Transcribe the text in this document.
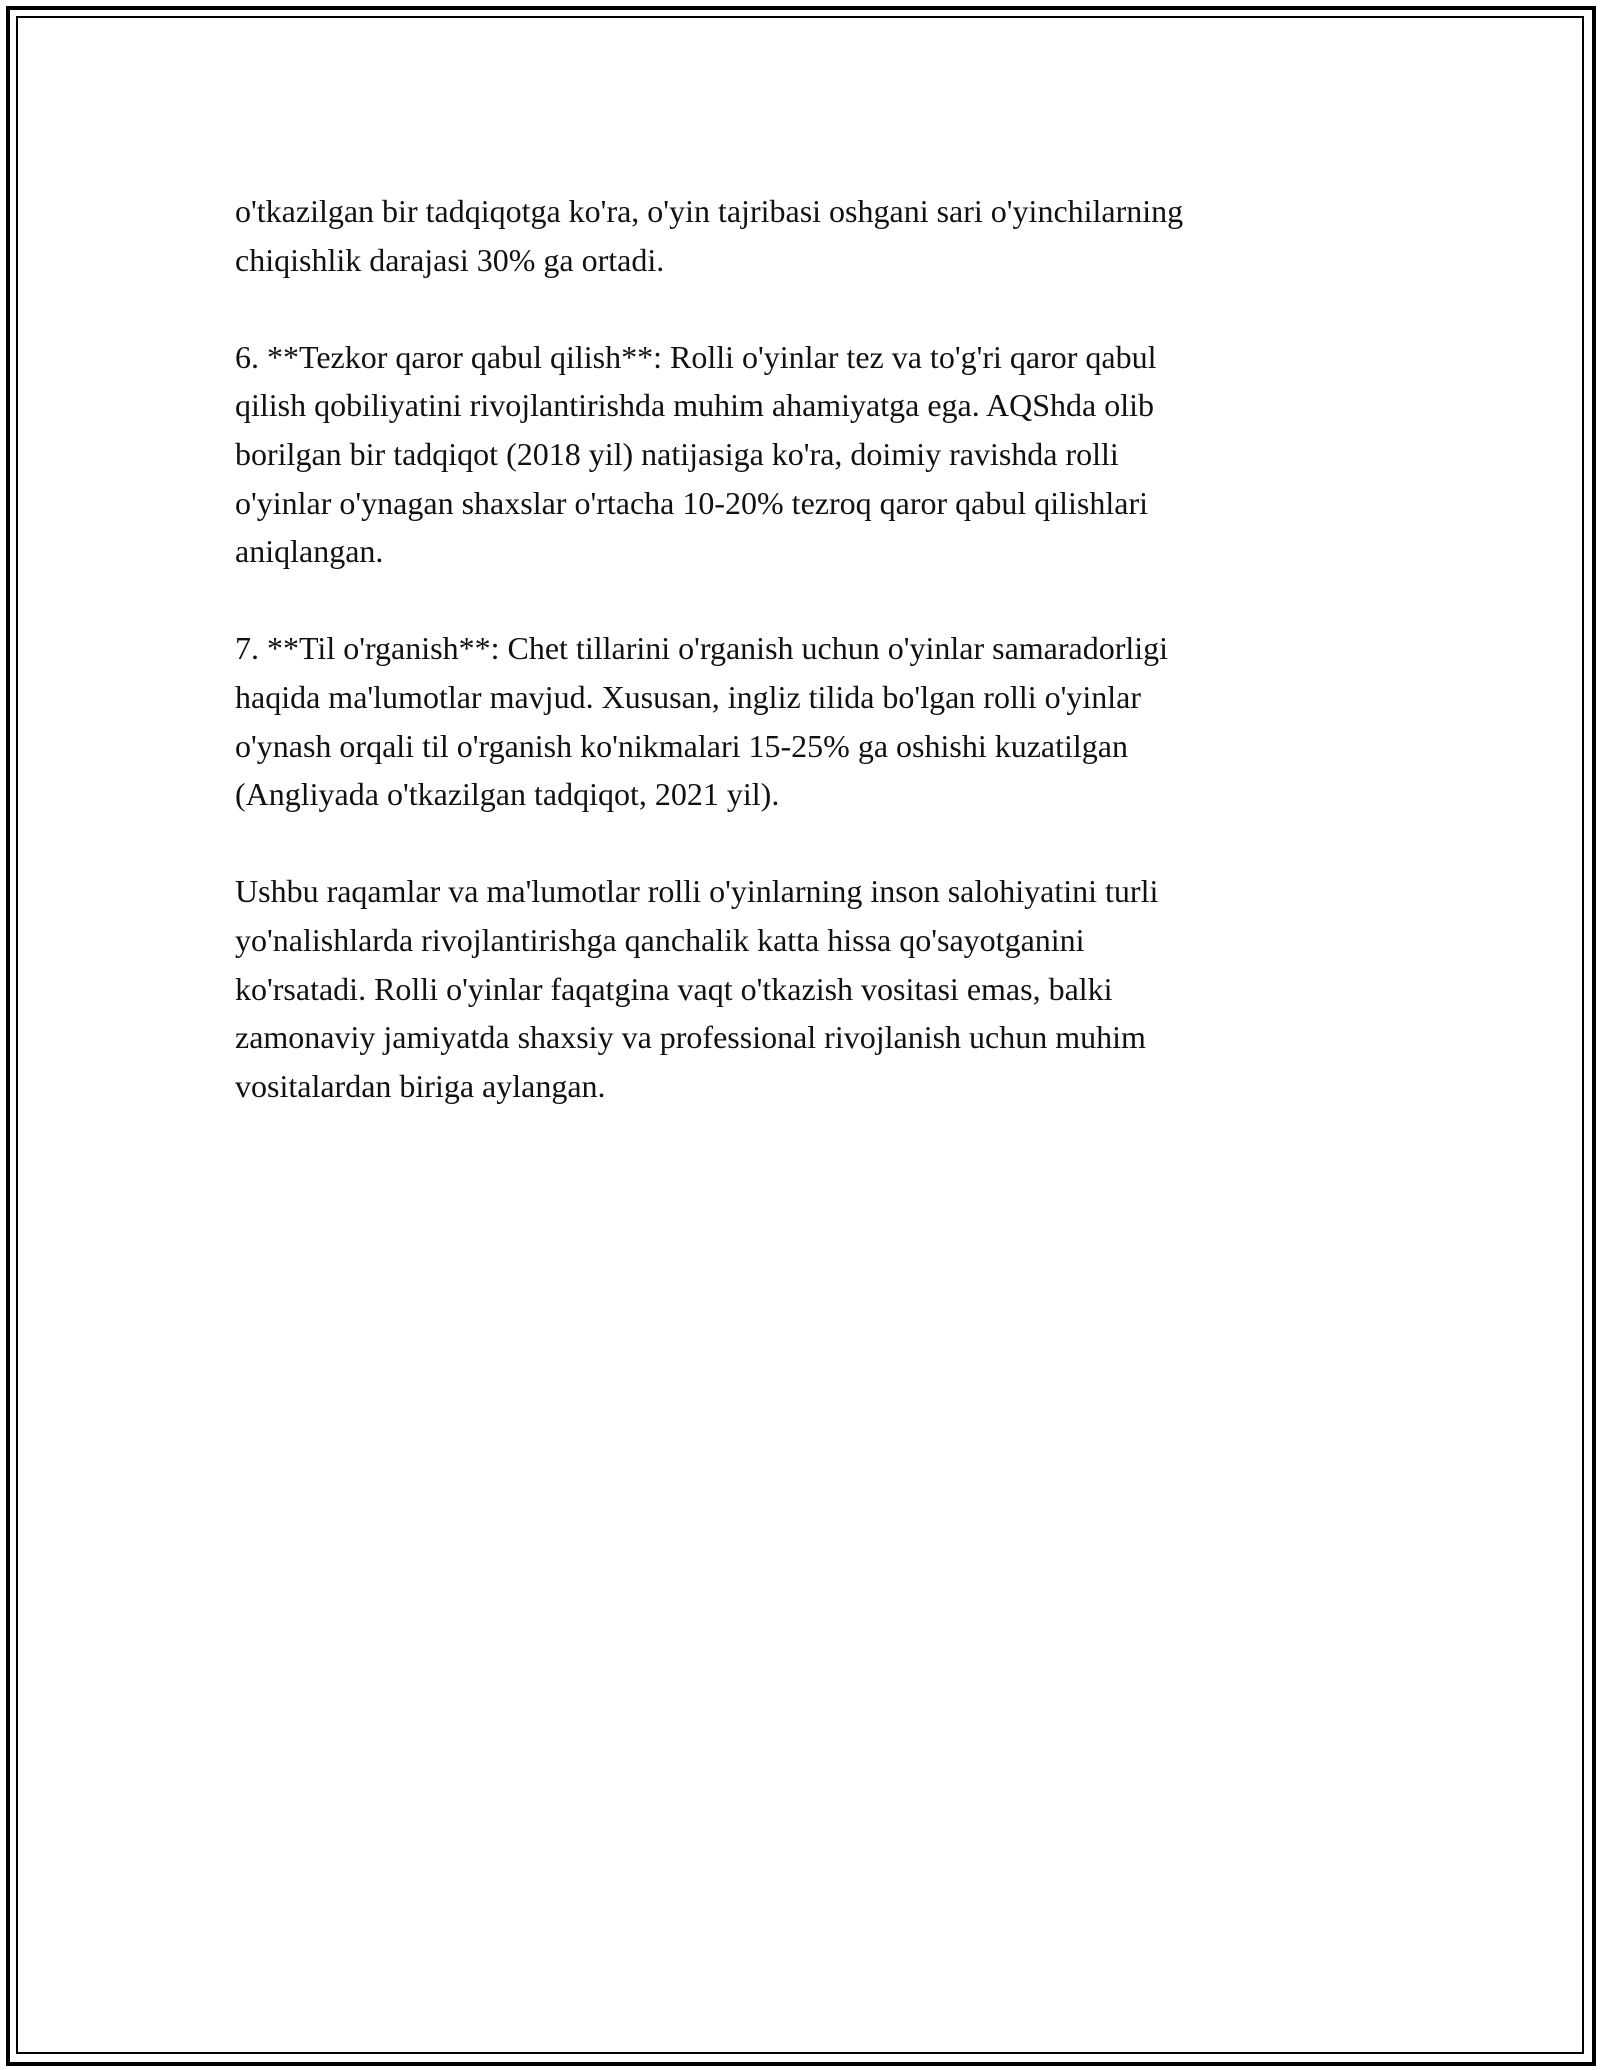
o'tkazilgan bir tadqiqotga ko'ra, o'yin tajribasi oshgani sari o'yinchilarning
chiqishlik darajasi 30% ga ortadi.

6. **Tezkor qaror qabul qilish**: Rolli o'yinlar tez va to'g'ri qaror qabul
qilish qobiliyatini rivojlantirishda muhim ahamiyatga ega. AQShda olib
borilgan bir tadqiqot (2018 yil) natijasiga ko'ra, doimiy ravishda rolli
o'yinlar o'ynagan shaxslar o'rtacha 10-20% tezroq qaror qabul qilishlari
aniqlangan.

7. **Til o'rganish**: Chet tillarini o'rganish uchun o'yinlar samaradorligi
haqida ma'lumotlar mavjud. Xususan, ingliz tilida bo'lgan rolli o'yinlar
o'ynash orqali til o'rganish ko'nikmalari 15-25% ga oshishi kuzatilgan
(Angliyada o'tkazilgan tadqiqot, 2021 yil).

Ushbu raqamlar va ma'lumotlar rolli o'yinlarning inson salohiyatini turli
yo'nalishlarda rivojlantirishga qanchalik katta hissa qo'sayotganini
ko'rsatadi. Rolli o'yinlar faqatgina vaqt o'tkazish vositasi emas, balki
zamonaviy jamiyatda shaxsiy va professional rivojlanish uchun muhim
vositalardan biriga aylangan.
